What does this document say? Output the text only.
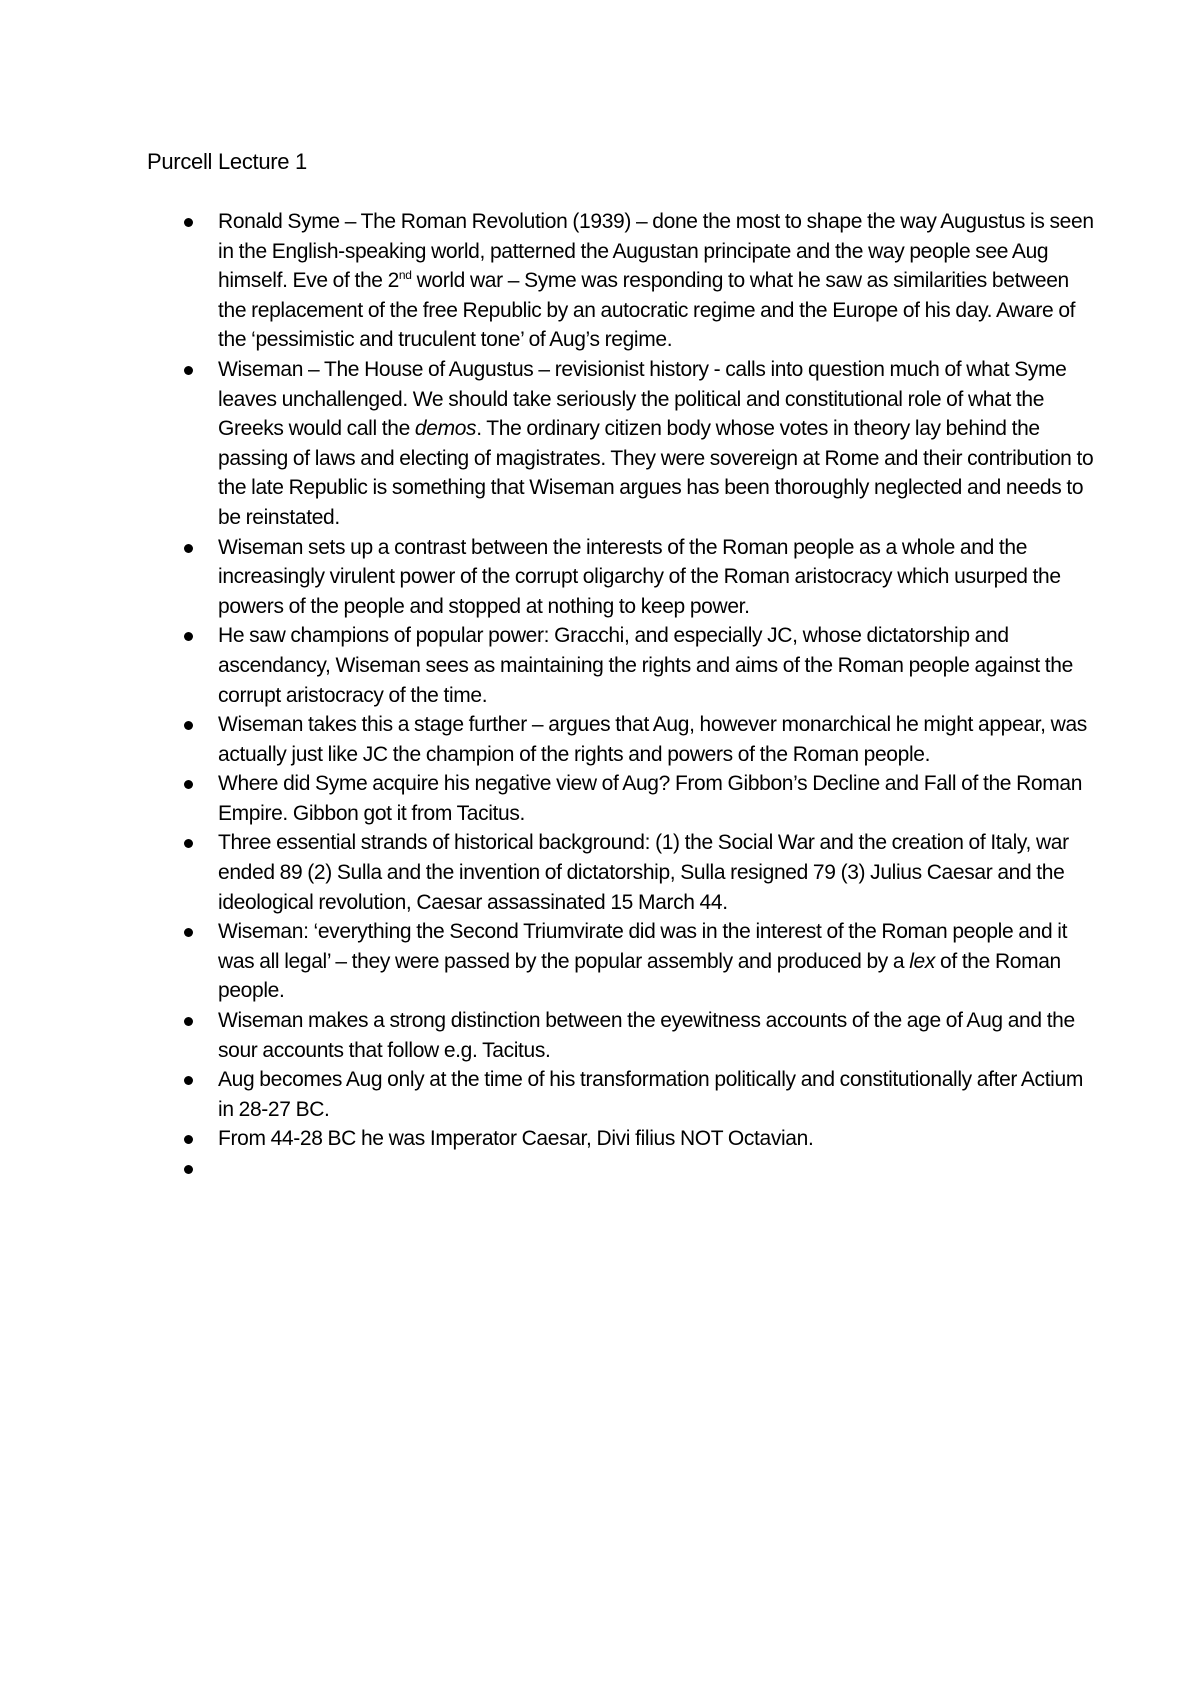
Purcell Lecture 1
Ronald Syme – The Roman Revolution (1939) – done the most to shape the way Augustus is seen in the English-speaking world, patterned the Augustan principate and the way people see Aug himself. Eve of the 2nd world war – Syme was responding to what he saw as similarities between the replacement of the free Republic by an autocratic regime and the Europe of his day. Aware of the ‘pessimistic and truculent tone’ of Aug’s regime.
Wiseman – The House of Augustus – revisionist history - calls into question much of what Syme leaves unchallenged. We should take seriously the political and constitutional role of what the Greeks would call the demos. The ordinary citizen body whose votes in theory lay behind the passing of laws and electing of magistrates. They were sovereign at Rome and their contribution to the late Republic is something that Wiseman argues has been thoroughly neglected and needs to be reinstated.
Wiseman sets up a contrast between the interests of the Roman people as a whole and the increasingly virulent power of the corrupt oligarchy of the Roman aristocracy which usurped the powers of the people and stopped at nothing to keep power.
He saw champions of popular power: Gracchi, and especially JC, whose dictatorship and ascendancy, Wiseman sees as maintaining the rights and aims of the Roman people against the corrupt aristocracy of the time.
Wiseman takes this a stage further – argues that Aug, however monarchical he might appear, was actually just like JC the champion of the rights and powers of the Roman people.
Where did Syme acquire his negative view of Aug? From Gibbon’s Decline and Fall of the Roman Empire. Gibbon got it from Tacitus.
Three essential strands of historical background: (1) the Social War and the creation of Italy, war ended 89 (2) Sulla and the invention of dictatorship, Sulla resigned 79 (3) Julius Caesar and the ideological revolution, Caesar assassinated 15 March 44.
Wiseman: ‘everything the Second Triumvirate did was in the interest of the Roman people and it was all legal’ – they were passed by the popular assembly and produced by a lex of the Roman people.
Wiseman makes a strong distinction between the eyewitness accounts of the age of Aug and the sour accounts that follow e.g. Tacitus.
Aug becomes Aug only at the time of his transformation politically and constitutionally after Actium in 28-27 BC.
From 44-28 BC he was Imperator Caesar, Divi filius NOT Octavian.
